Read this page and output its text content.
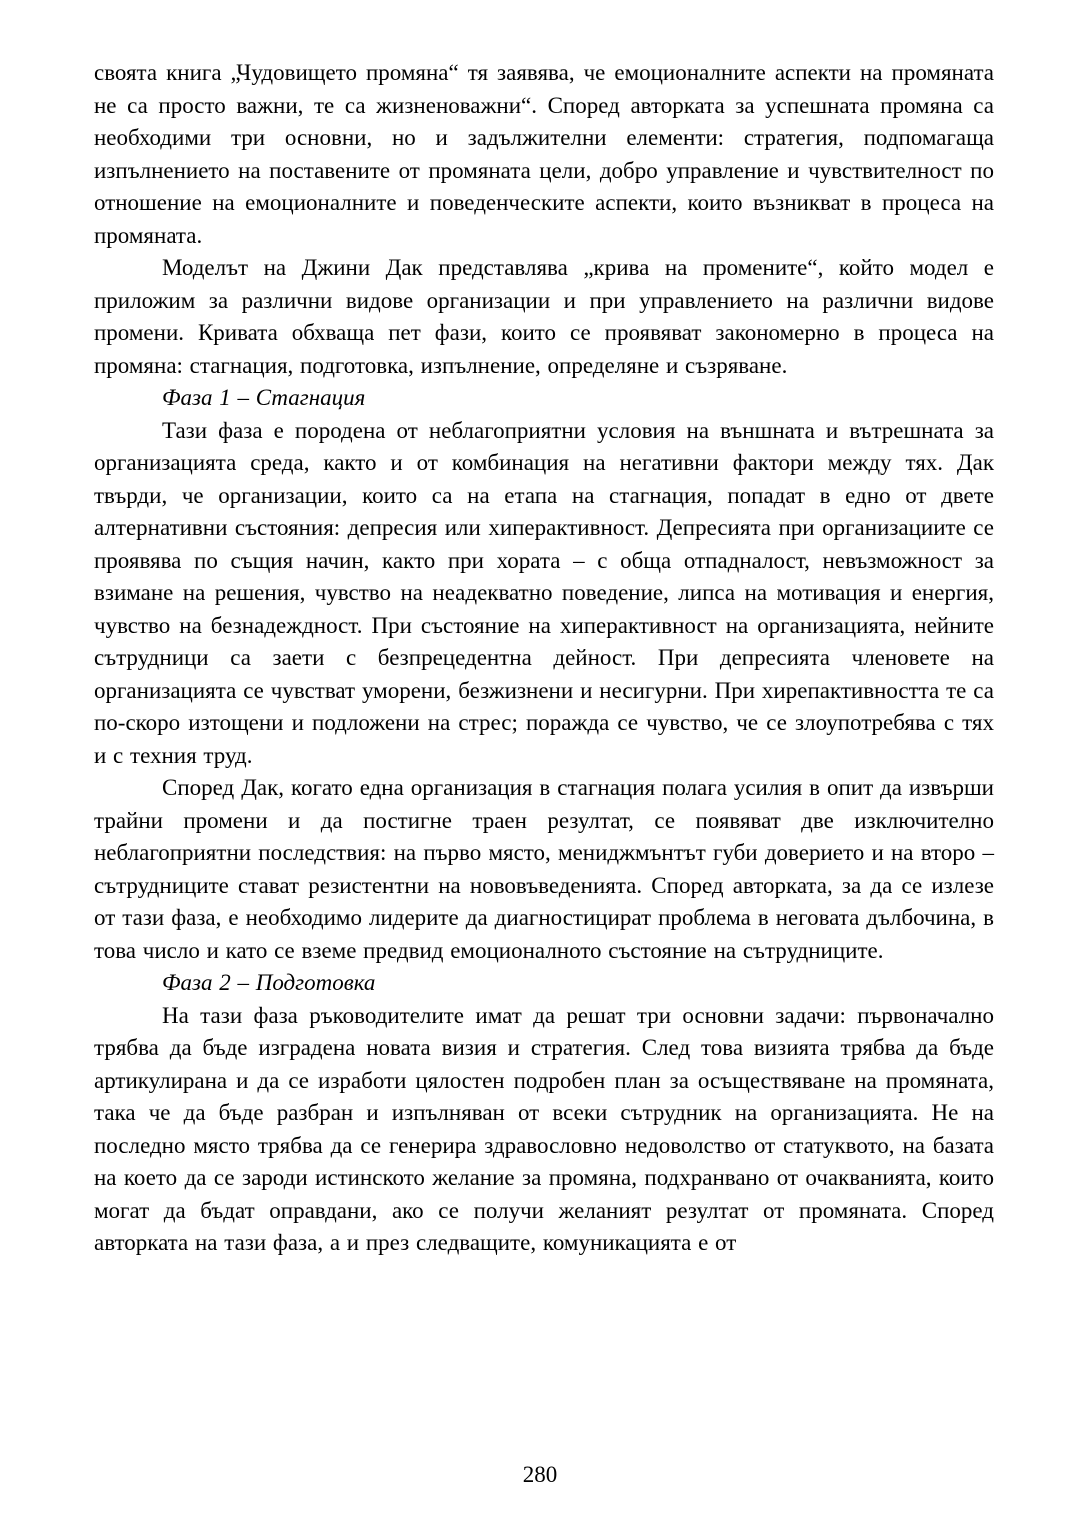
своята книга „Чудовището промяна“ тя заявява, че емоционалните аспекти на промяната не са просто важни, те са жизненоважни“. Според авторката за успешната промяна са необходими три основни, но и задължителни елементи: стратегия, подпомагаща изпълнението на поставените от промяната цели, добро управление и чувствителност по отношение на емоционалните и поведенческите аспекти, които възникват в процеса на промяната.

Моделът на Джини Дак представлява „крива на промените“, който модел е приложим за различни видове организации и при управлението на различни видове промени. Кривата обхваща пет фази, които се проявяват закономерно в процеса на промяна: стагнация, подготовка, изпълнение, определяне и съзряване.

Фаза 1 – Стагнация

Тази фаза е породена от неблагоприятни условия на външната и вътрешната за организацията среда, както и от комбинация на негативни фактори между тях. Дак твърди, че организации, които са на етапа на стагнация, попадат в едно от двете алтернативни състояния: депресия или хиперактивност. Депресията при организациите се проявява по същия начин, както при хората – с обща отпадналост, невъзможност за взимане на решения, чувство на неадекватно поведение, липса на мотивация и енергия, чувство на безнадеждност. При състояние на хиперактивност на организацията, нейните сътрудници са заети с безпрецедентна дейност. При депресията членовете на организацията се чувстват уморени, безжизнени и несигурни. При хирепактивността те са по-скоро изтощени и подложени на стрес; поражда се чувство, че се злоупотребява с тях и с техния труд.

Според Дак, когато една организация в стагнация полага усилия в опит да извърши трайни промени и да постигне траен резултат, се появяват две изключително неблагоприятни последствия: на първо място, мениджмънтът губи доверието и на второ – сътрудниците стават резистентни на нововъведенията. Според авторката, за да се излезе от тази фаза, е необходимо лидерите да диагностицират проблема в неговата дълбочина, в това число и като се вземе предвид емоционалното състояние на сътрудниците.

Фаза 2 – Подготовка

На тази фаза ръководителите имат да решат три основни задачи: първоначално трябва да бъде изградена новата визия и стратегия. След това визията трябва да бъде артикулирана и да се изработи цялостен подробен план за осъществяване на промяната, така че да бъде разбран и изпълняван от всеки сътрудник на организацията. Не на последно място трябва да се генерира здравословно недоволство от статуквото, на базата на което да се зароди истинското желание за промяна, подхранвано от очакванията, които могат да бъдат оправдани, ако се получи желаният резултат от промяната. Според авторката на тази фаза, а и през следващите, комуникацията е от

280
